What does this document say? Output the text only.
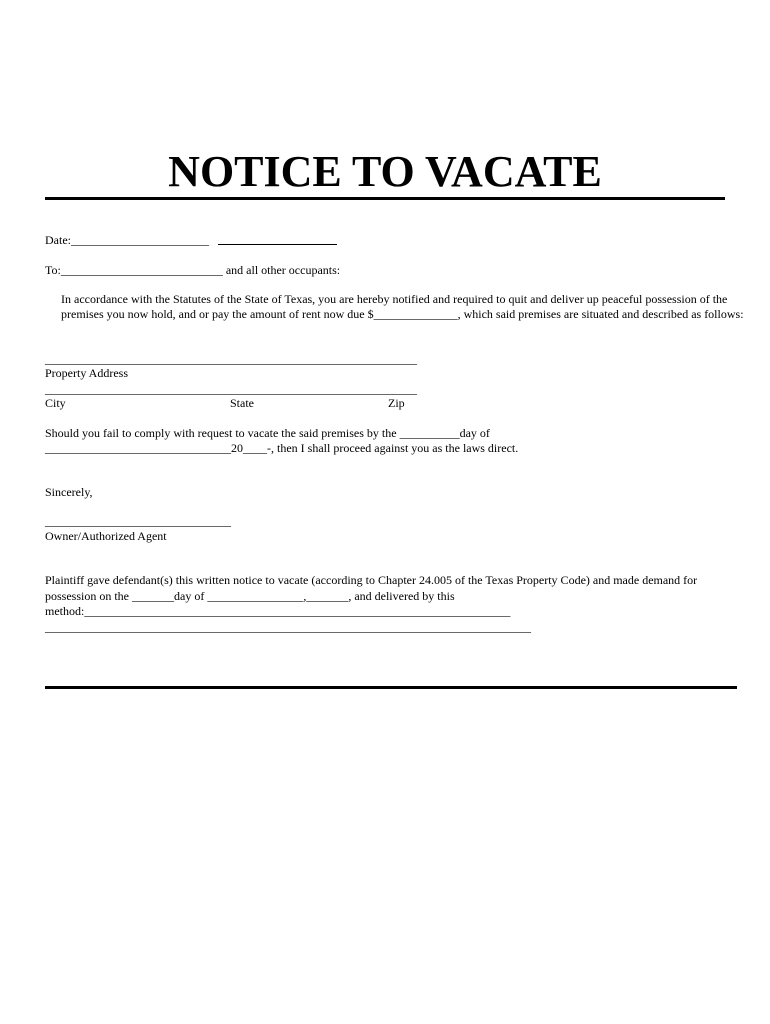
NOTICE TO VACATE
Date:_______________________
To:___________________________ and all other occupants:
In accordance with the Statutes of the State of Texas, you are hereby notified and required to quit and deliver up peaceful possession of the premises you now hold, and or pay the amount of rent now due $______________, which said premises are situated and described as follows:
______________________________________________________________
Property Address
______________________________________________________________
City	State	Zip
Should you fail to comply with request to vacate the said premises by the __________day of
_______________________________20____-, then I shall proceed against you as the laws direct.
Sincerely,
_______________________________
Owner/Authorized Agent
Plaintiff gave defendant(s) this written notice to vacate (according to Chapter 24.005 of the Texas Property Code) and made demand for
possession on the _______day of ________________,_______, and delivered by this
method:_______________________________________________________________________
_________________________________________________________________________________
